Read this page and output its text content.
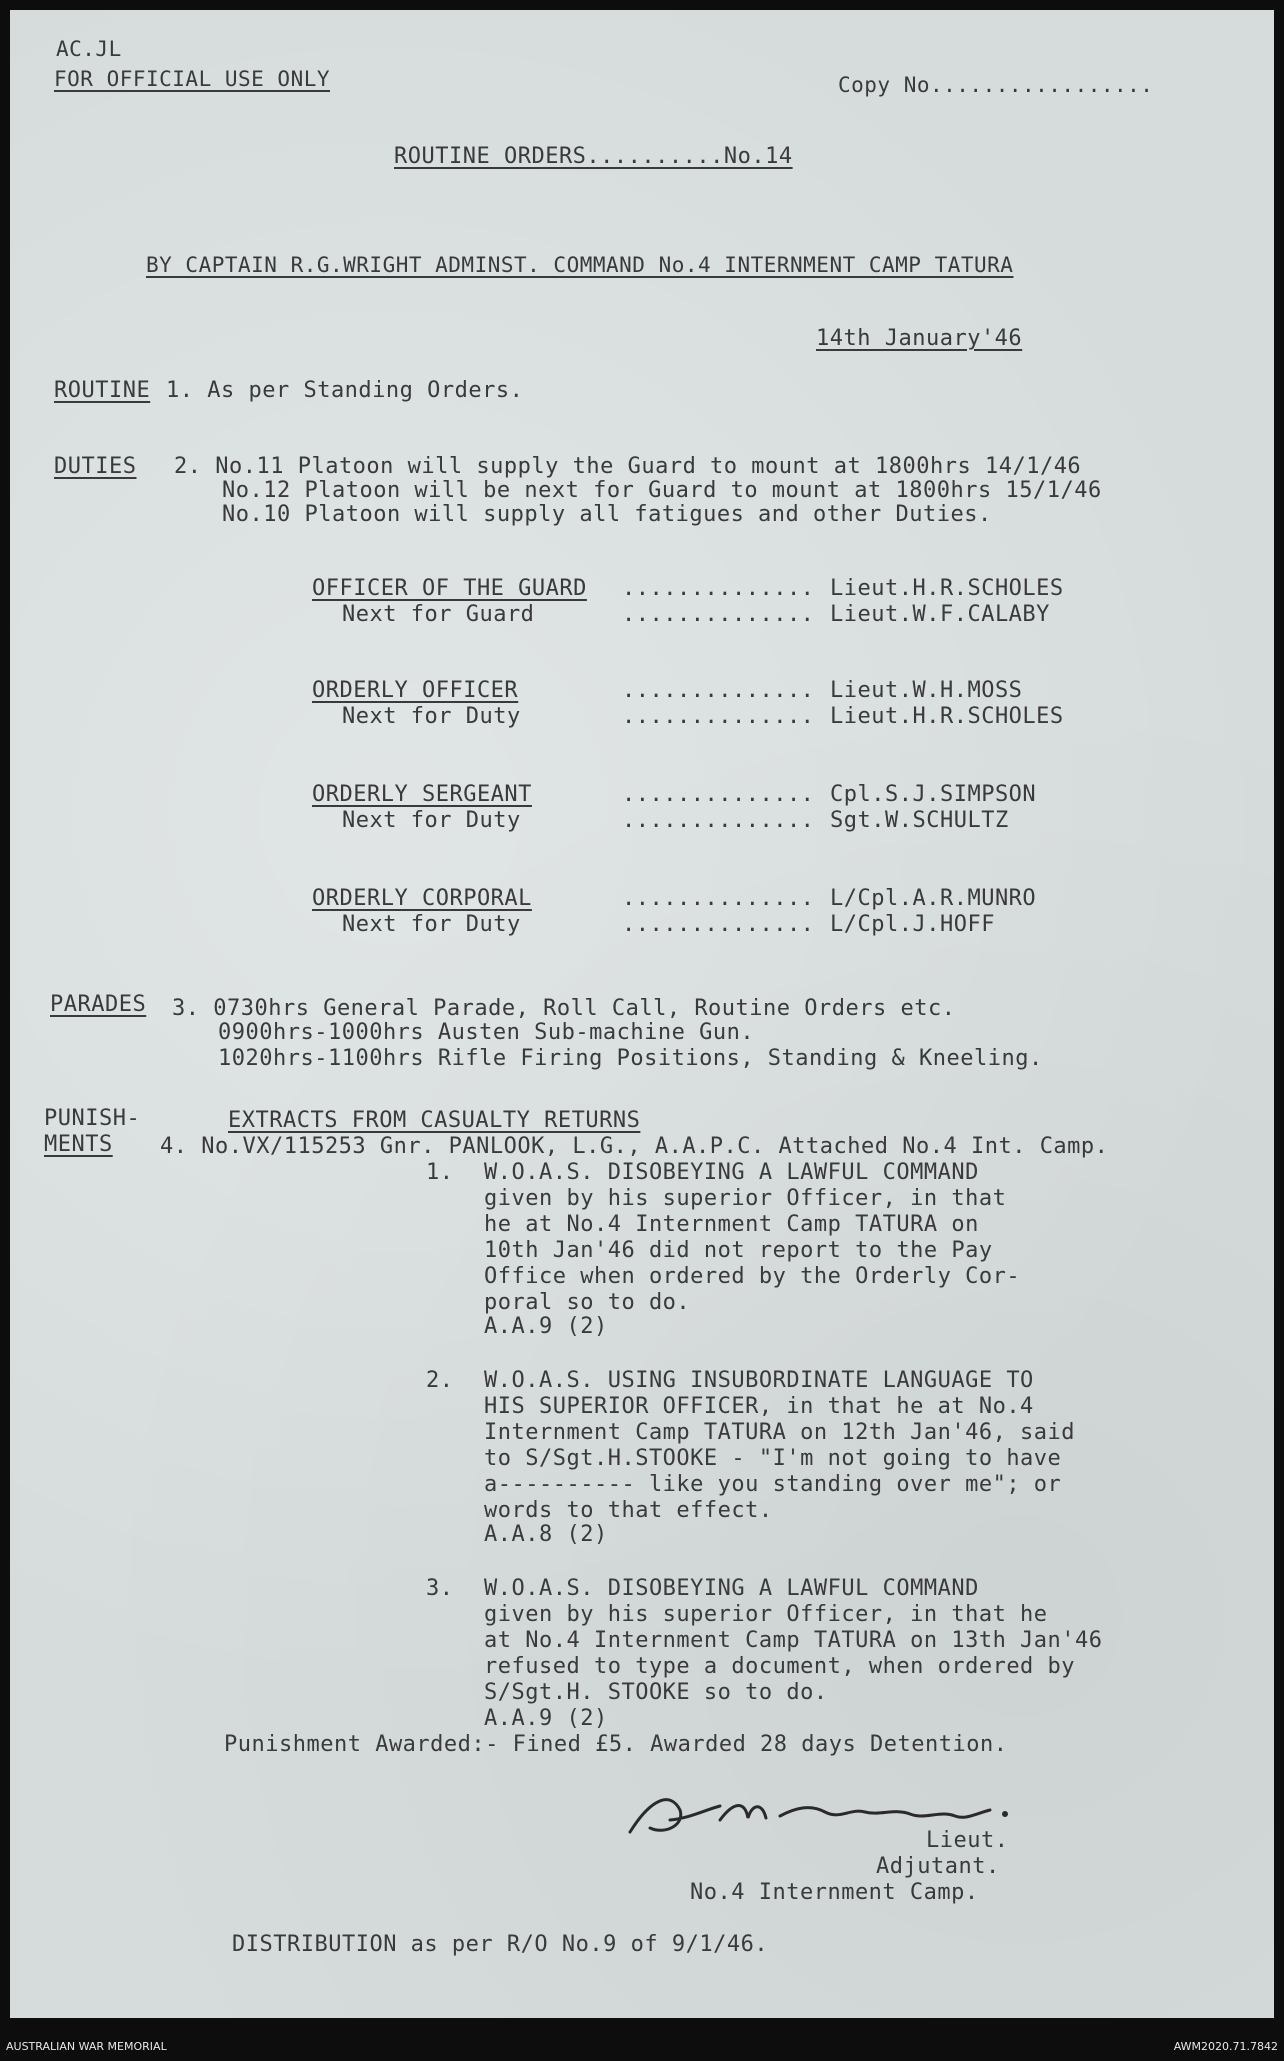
AC.JL
FOR OFFICIAL USE ONLY	Copy No.................
ROUTINE ORDERS..........No.14
BY CAPTAIN R.G.WRIGHT ADMINST. COMMAND No.4 INTERNMENT CAMP TATURA
14th January'46
ROUTINE 1. As per Standing Orders.
DUTIES 2. No.11 Platoon will supply the Guard to mount at 1800hrs 14/1/46
No.12 Platoon will be next for Guard to mount at 1800hrs 15/1/46
No.10 Platoon will supply all fatigues and other Duties.
OFFICER OF THE GUARD .............. Lieut.H.R.SCHOLES
Next for Guard	.............. Lieut.W.F.CALABY
ORDERLY OFFICER	.............. Lieut.W.H.MOSS
Next for Duty	.............. Lieut.H.R.SCHOLES
ORDERLY SERGEANT	.............. Cpl.S.J.SIMPSON
Next for Duty	.............. Sgt.W.SCHULTZ
ORDERLY CORPORAL	.............. L/Cpl.A.R.MUNRO
Next for Duty	.............. L/Cpl.J.HOFF
PARADES 3. 0730hrs General Parade, Roll Call, Routine Orders etc.
0900hrs-1000hrs Austen Sub-machine Gun.
1020hrs-1100hrs Rifle Firing Positions, Standing & Kneeling.
PUNISH-
MENTS
EXTRACTS FROM CASUALTY RETURNS
4. No.VX/115253 Gnr. PANLOOK, L.G., A.A.P.C. Attached No.4 Int. Camp.
1. W.O.A.S. DISOBEYING A LAWFUL COMMAND
given by his superior Officer, in that
he at No.4 Internment Camp TATURA on
10th Jan'46 did not report to the Pay
Office when ordered by the Orderly Cor-
poral so to do.
A.A.9 (2)
2. W.O.A.S. USING INSUBORDINATE LANGUAGE TO
HIS SUPERIOR OFFICER, in that he at No.4
Internment Camp TATURA on 12th Jan'46, said
to S/Sgt.H.STOOKE - "I'm not going to have
a---------- like you standing over me"; or
words to that effect.
A.A.8 (2)
3. W.O.A.S. DISOBEYING A LAWFUL COMMAND
given by his superior Officer, in that he
at No.4 Internment Camp TATURA on 13th Jan'46
refused to type a document, when ordered by
S/Sgt.H. STOOKE so to do.
A.A.9 (2)
Punishment Awarded:- Fined £5. Awarded 28 days Detention.
Lieut.
Adjutant.
No.4 Internment Camp.
DISTRIBUTION as per R/O No.9 of 9/1/46.
AUSTRALIAN WAR MEMORIAL	AWM2020.71.7842
